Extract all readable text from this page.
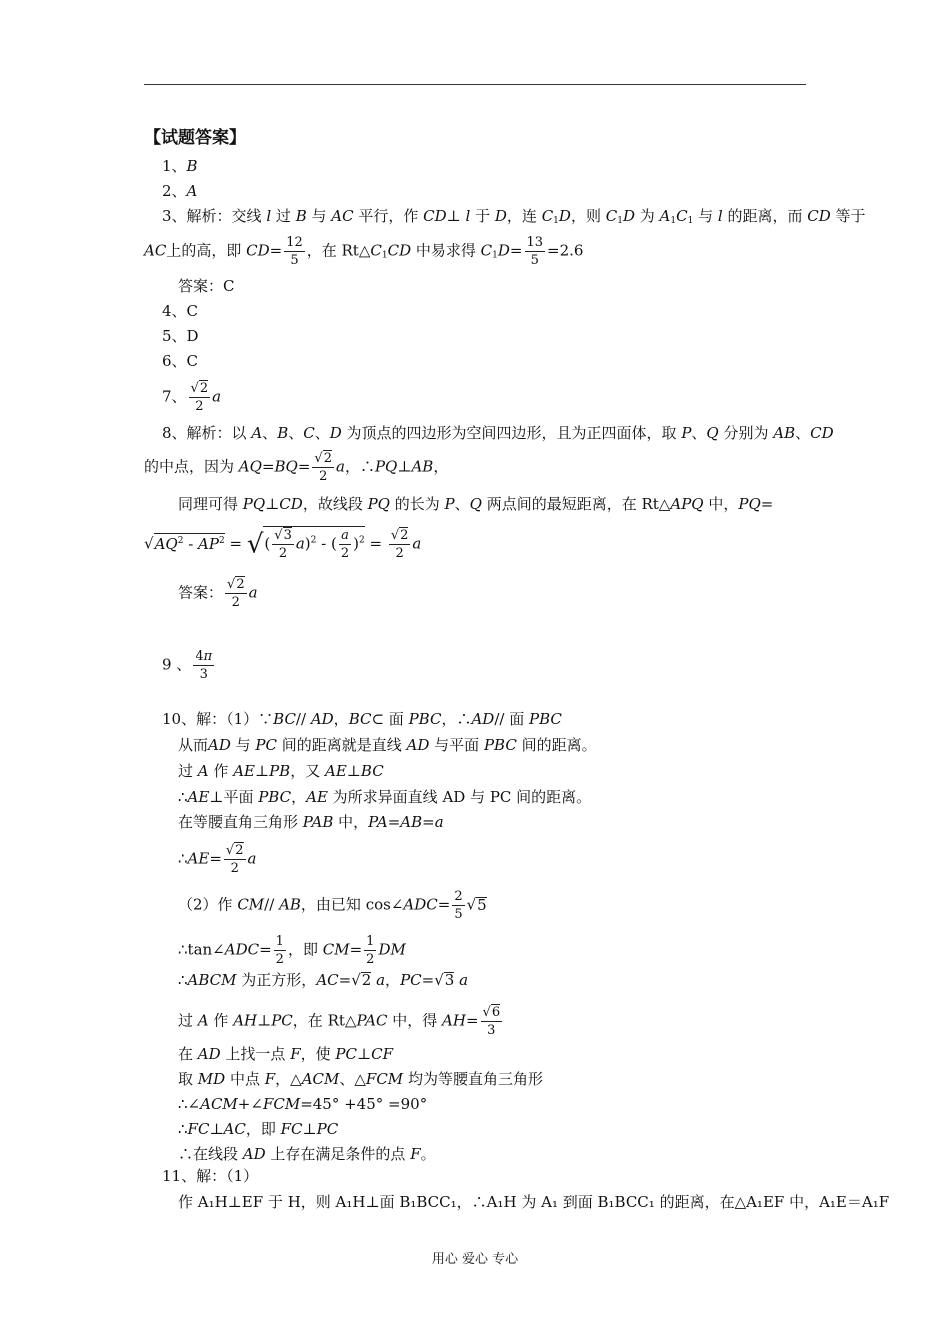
【试题答案】
1、B
2、A
3、解析：交线 l 过 B 与 AC 平行，作 CD⊥ l 于 D，连 $C_1D$，则 $C_1D$ 为 $A_1C_1$ 与 l 的距离，而 CD 等于
AC上的高，即 $CD= \frac{12}{5}$ ，在 $Rt\triangle C_1CD$ 中易求得 $C_1D= \frac{13}{5} =2.6$
答案：C
4、C
5、D
6、C
7、 $\frac{√2}{2}$ a
8、解析：以 A、B、C、D 为顶点的四边形为空间四边形，且为正四面体，取 P、Q 分别为 AB、CD
的中点，因为 $AQ=BQ= \frac{√2}{2}$ a，∴PQ⊥AB，
同理可得 PQ⊥CD，故线段 PQ 的长为 P、Q 两点间的最短距离，在 Rt△APQ 中，PQ=
$√AQ^2 - AP^2$ = √( $\frac{√3}{2} a)^2$ - ( $\frac{a}{2} )^2 = \frac{√2}{2}$ a
答案： $\frac{√2}{2}$ a
9 、 $\frac{4\pi}{3}$
10、解：（1）∵BC// AD，BC⊂ 面 PBC，∴AD// 面 PBC
从而AD 与 PC 间的距离就是直线 AD 与平面 PBC 间的距离。
过 A 作 AE⊥PB，又 AE⊥BC
∴AE⊥平面 PBC，AE 为所求异面直线 AD 与 PC 间的距离。
在等腰直角三角形 PAB 中，PA=AB=a
∴AE= $\frac{√2}{2}$ a
（2）作 CM// AB，由已知 cos∠ADC= $\frac{2}{5} √5$
∴tan∠ADC= $\frac{1}{2}$ ，即 $CM= \frac{1}{2}$ DM
∴ABCM 为正方形，AC=√2 a，PC=√3 a
过 A 作 AH⊥PC，在 Rt△PAC 中，得 $AH= \frac{√6}{3}$
在 AD 上找一点 F，使 PC⊥CF
取 MD 中点 F，△ACM、△FCM 均为等腰直角三角形
∴∠ACM+∠FCM=45° +45° =90°
∴FC⊥AC，即 FC⊥PC
∴在线段 AD 上存在满足条件的点 F。
11、解：（1）
作 A₁H⊥EF 于 H，则 A₁H⊥面 B₁BCC₁，∴A₁H 为 A₁ 到面 B₁BCC₁ 的距离，在△A₁EF 中，A₁E＝A₁F
用心 爱心 专心
